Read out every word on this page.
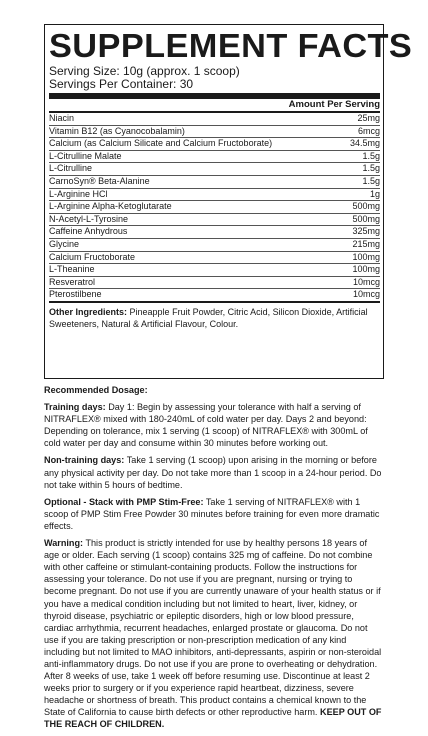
SUPPLEMENT FACTS
Serving Size: 10g (approx. 1 scoop)
Servings Per Container: 30
Amount Per Serving
Niacin	25mg
Vitamin B12 (as Cyanocobalamin)	6mcg
Calcium (as Calcium Silicate and Calcium Fructoborate)	34.5mg
L-Citrulline Malate	1.5g
L-Citrulline	1.5g
CarnoSyn® Beta-Alanine	1.5g
L-Arginine HCl	1g
L-Arginine Alpha-Ketoglutarate	500mg
N-Acetyl-L-Tyrosine	500mg
Caffeine Anhydrous	325mg
Glycine	215mg
Calcium Fructoborate	100mg
L-Theanine	100mg
Resveratrol	10mcg
Pterostilbene	10mcg
Other Ingredients: Pineapple Fruit Powder, Citric Acid, Silicon Dioxide, Artificial Sweeteners, Natural & Artificial Flavour, Colour.

Recommended Dosage:

Training days: Day 1: Begin by assessing your tolerance with half a serving of NITRAFLEX® mixed with 180-240mL of cold water per day. Days 2 and beyond: Depending on tolerance, mix 1 serving (1 scoop) of NITRAFLEX® with 300mL of cold water per day and consume within 30 minutes before working out.

Non-training days: Take 1 serving (1 scoop) upon arising in the morning or before any physical activity per day. Do not take more than 1 scoop in a 24-hour period. Do not take within 5 hours of bedtime.

Optional - Stack with PMP Stim-Free: Take 1 serving of NITRAFLEX® with 1 scoop of PMP Stim Free Powder 30 minutes before training for even more dramatic effects.

Warning: This product is strictly intended for use by healthy persons 18 years of age or older. Each serving (1 scoop) contains 325 mg of caffeine. Do not combine with other caffeine or stimulant-containing products. Follow the instructions for assessing your tolerance. Do not use if you are pregnant, nursing or trying to become pregnant. Do not use if you are currently unaware of your health status or if you have a medical condition including but not limited to heart, liver, kidney, or thyroid disease, psychiatric or epileptic disorders, high or low blood pressure, cardiac arrhythmia, recurrent headaches, enlarged prostate or glaucoma. Do not use if you are taking prescription or non-prescription medication of any kind including but not limited to MAO inhibitors, anti-depressants, aspirin or non-steroidal anti-inflammatory drugs. Do not use if you are prone to overheating or dehydration. After 8 weeks of use, take 1 week off before resuming use. Discontinue at least 2 weeks prior to surgery or if you experience rapid heartbeat, dizziness, severe headache or shortness of breath. This product contains a chemical known to the State of California to cause birth defects or other reproductive harm. KEEP OUT OF THE REACH OF CHILDREN.
